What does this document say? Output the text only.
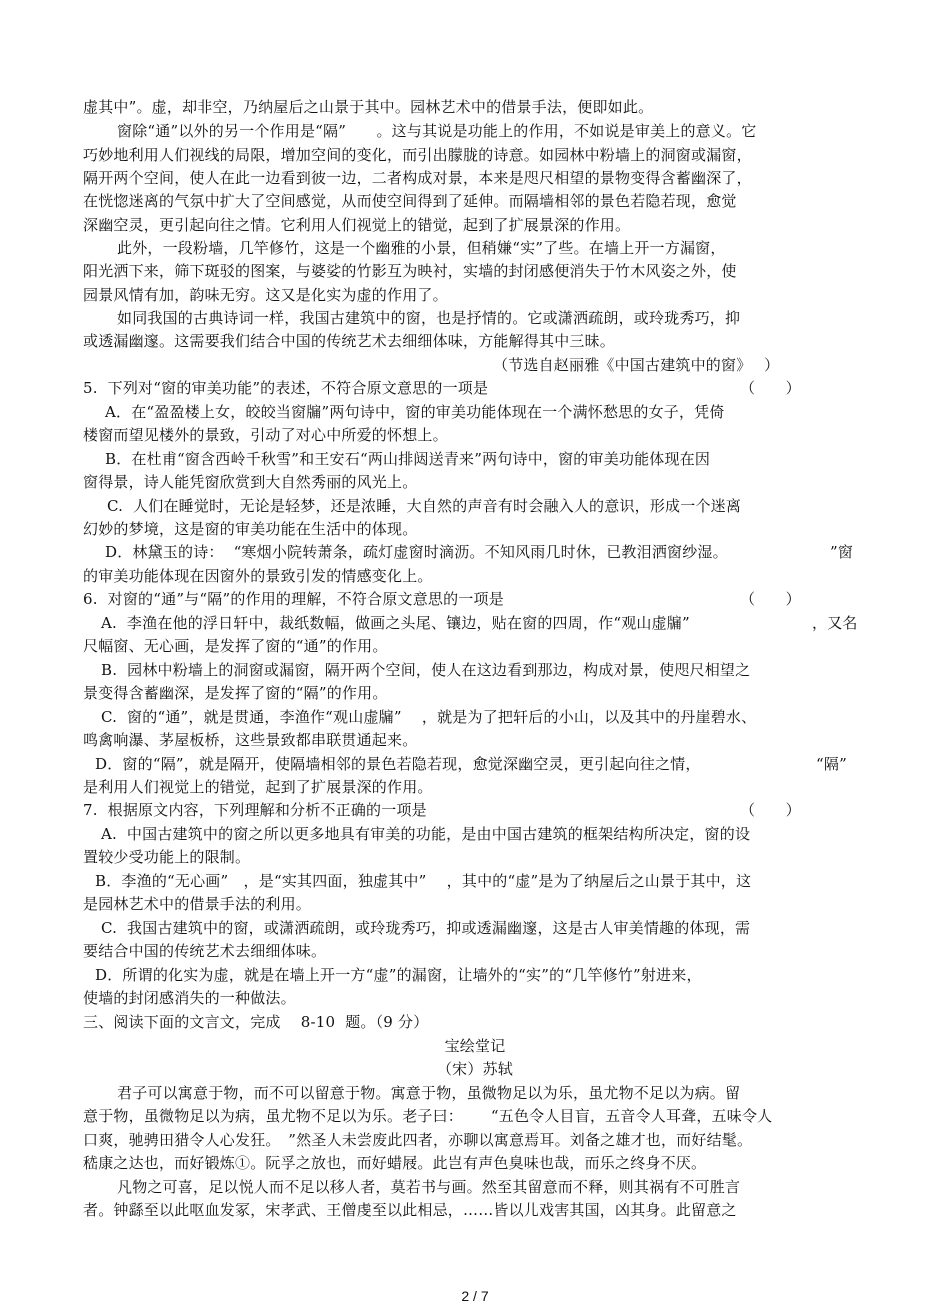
虚其中”。虚，却非空，乃纳屋后之山景于其中。园林艺术中的借景手法，便即如此。
窗除“通”以外的另一个作用是“隔”　　。这与其说是功能上的作用，不如说是审美上的意义。它
巧妙地利用人们视线的局限，增加空间的变化，而引出朦胧的诗意。如园林中粉墙上的洞窗或漏窗，
隔开两个空间，使人在此一边看到彼一边，二者构成对景，本来是咫尺相望的景物变得含蓄幽深了，
在恍惚迷离的气氛中扩大了空间感觉，从而使空间得到了延伸。而隔墙相邻的景色若隐若现，愈觉
深幽空灵，更引起向往之情。它利用人们视觉上的错觉，起到了扩展景深的作用。
此外，一段粉墙，几竿修竹，这是一个幽雅的小景，但稍嫌“实”了些。在墙上开一方漏窗，
阳光洒下来，筛下斑驳的图案，与婆娑的竹影互为映衬，实墙的封闭感便消失于竹木风姿之外，使
园景风情有加，韵味无穷。这又是化实为虚的作用了。
如同我国的古典诗词一样，我国古建筑中的窗，也是抒情的。它或潇洒疏朗，或玲珑秀巧，抑
或透漏幽邃。这需要我们结合中国的传统艺术去细细体味，方能解得其中三昧。
（节选自赵丽雅《中国古建筑中的窗》　 ）
5.  下列对“窗的审美功能”的表述，不符合原文意思的一项是	（　　）
A．在“盈盈楼上女，皎皎当窗牖”两句诗中，窗的审美功能体现在一个满怀愁思的女子，凭倚
楼窗而望见楼外的景致，引动了对心中所爱的怀想上。
B．在杜甫“窗含西岭千秋雪”和王安石“两山排闼送青来”两句诗中，窗的审美功能体现在因
窗得景，诗人能凭窗欣赏到大自然秀丽的风光上。
C.  人们在睡觉时，无论是轻梦，还是浓睡，大自然的声音有时会融入人的意识，形成一个迷离
幻妙的梦境，这是窗的审美功能在生活中的体现。
D．林黛玉的诗：  “寒烟小院转萧条，疏灯虚窗时滴沥。不知风雨几时休，已教泪洒窗纱湿。	”窗
的审美功能体现在因窗外的景致引发的情感变化上。
6.  对窗的“通”与“隔”的作用的理解，不符合原文意思的一项是	（　　）
A.  李渔在他的浮日轩中，裁纸数幅，做画之头尾、镶边，贴在窗的四周，作“观山虚牖”	，又名
尺幅窗、无心画，是发挥了窗的“通”的作用。
B.  园林中粉墙上的洞窗或漏窗，隔开两个空间，使人在这边看到那边，构成对景，使咫尺相望之
景变得含蓄幽深，是发挥了窗的“隔”的作用。
C.  窗的“通”，就是贯通，李渔作“观山虚牖”　 ，就是为了把轩后的小山，以及其中的丹崖碧水、
鸣禽响瀑、茅屋板桥，这些景致都串联贯通起来。
D．窗的“隔”，就是隔开，使隔墙相邻的景色若隐若现，愈觉深幽空灵，更引起向往之情，	“隔”
是利用人们视觉上的错觉，起到了扩展景深的作用。
7.  根据原文内容，下列理解和分析不正确的一项是	（　　）
A.  中国古建筑中的窗之所以更多地具有审美的功能，是由中国古建筑的框架结构所决定，窗的设
置较少受功能上的限制。
B．李渔的“无心画”　，是“实其四面，独虚其中”　 ，其中的“虚”是为了纳屋后之山景于其中，这
是园林艺术中的借景手法的利用。
C.  我国古建筑中的窗，或潇洒疏朗，或玲珑秀巧，抑或透漏幽邃，这是古人审美情趣的体现，需
要结合中国的传统艺术去细细体味。
D．所谓的化实为虚，就是在墙上开一方“虚”的漏窗，让墙外的“实”的“几竿修竹”射进来，
使墙的封闭感消失的一种做法。
三、阅读下面的文言文，完成　 8-10  题。（9 分）
宝绘堂记
（宋）苏轼
君子可以寓意于物，而不可以留意于物。寓意于物，虽微物足以为乐，虽尤物不足以为病。留
意于物，虽微物足以为病，虽尤物不足以为乐。老子曰：　　 “五色令人目盲，五音令人耳聋，五味令人
口爽，驰骋田猎令人心发狂。　”然圣人未尝废此四者，亦聊以寓意焉耳。刘备之雄才也，而好结髦。
嵇康之达也，而好锻炼①。阮孚之放也，而好蜡屐。此岂有声色臭味也哉，而乐之终身不厌。
凡物之可喜，足以悦人而不足以移人者，莫若书与画。然至其留意而不释，则其祸有不可胜言
者。钟繇至以此呕血发冢，宋孝武、王僧虔至以此相忌，……皆以儿戏害其国，凶其身。此留意之
2 / 7
